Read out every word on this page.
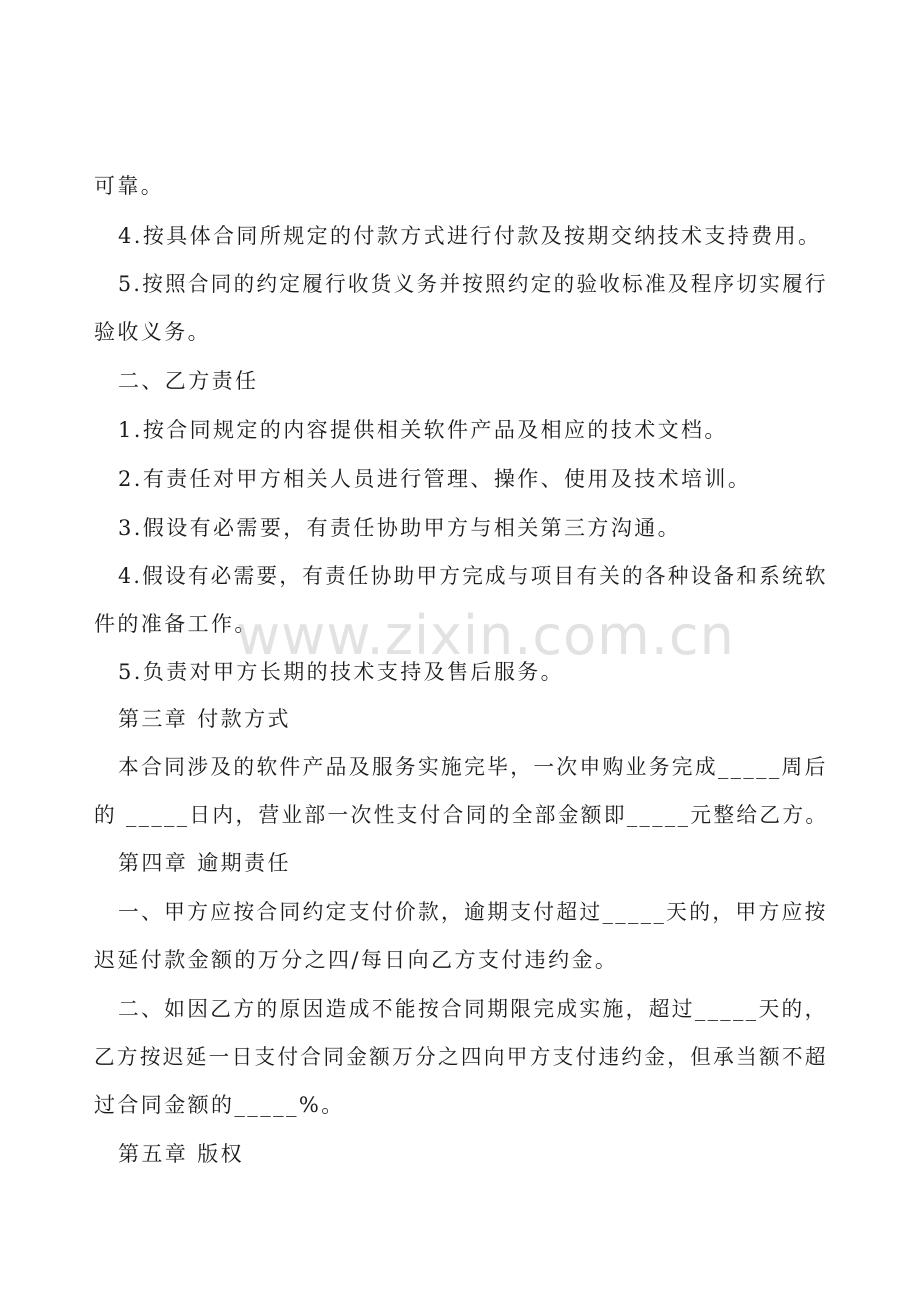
可靠。
4.按具体合同所规定的付款方式进行付款及按期交纳技术支持费用。
5.按照合同的约定履行收货义务并按照约定的验收标准及程序切实履行
验收义务。
二、乙方责任
1.按合同规定的内容提供相关软件产品及相应的技术文档。
2.有责任对甲方相关人员进行管理、操作、使用及技术培训。
3.假设有必需要，有责任协助甲方与相关第三方沟通。
4.假设有必需要，有责任协助甲方完成与项目有关的各种设备和系统软
件的准备工作。
5.负责对甲方长期的技术支持及售后服务。
第三章 付款方式
本合同涉及的软件产品及服务实施完毕，一次申购业务完成_____周后
的 _____日内，营业部一次性支付合同的全部金额即_____元整给乙方。
第四章 逾期责任
一、甲方应按合同约定支付价款，逾期支付超过_____天的，甲方应按
迟延付款金额的万分之四/每日向乙方支付违约金。
二、如因乙方的原因造成不能按合同期限完成实施，超过_____天的，
乙方按迟延一日支付合同金额万分之四向甲方支付违约金，但承当额不超
过合同金额的_____%。
第五章 版权
www.zixin.com.cn
